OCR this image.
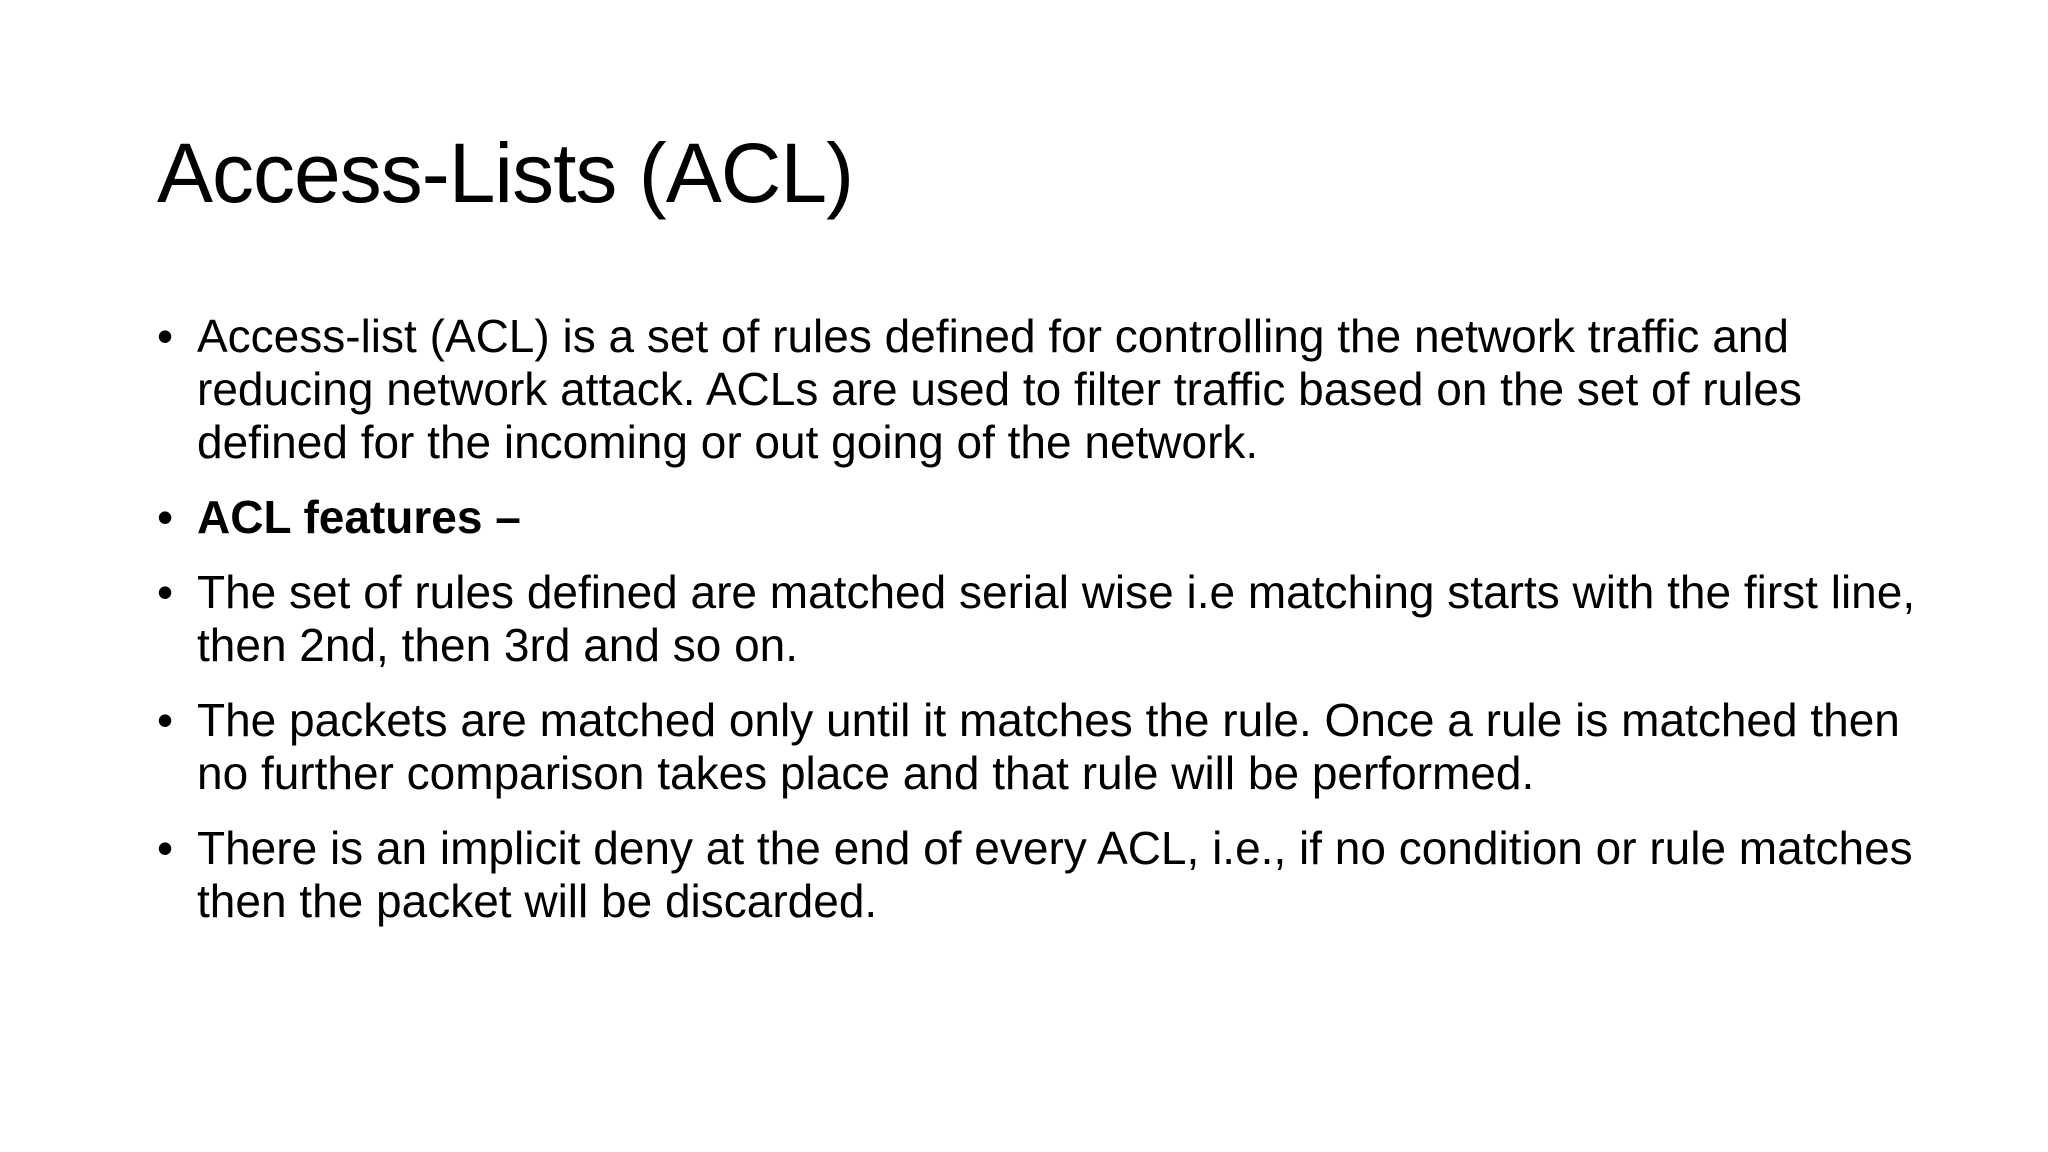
Access-Lists (ACL)
• Access-list (ACL) is a set of rules defined for controlling the network traffic and reducing network attack. ACLs are used to filter traffic based on the set of rules defined for the incoming or out going of the network.
• ACL features –
• The set of rules defined are matched serial wise i.e matching starts with the first line, then 2nd, then 3rd and so on.
• The packets are matched only until it matches the rule. Once a rule is matched then no further comparison takes place and that rule will be performed.
• There is an implicit deny at the end of every ACL, i.e., if no condition or rule matches then the packet will be discarded.
